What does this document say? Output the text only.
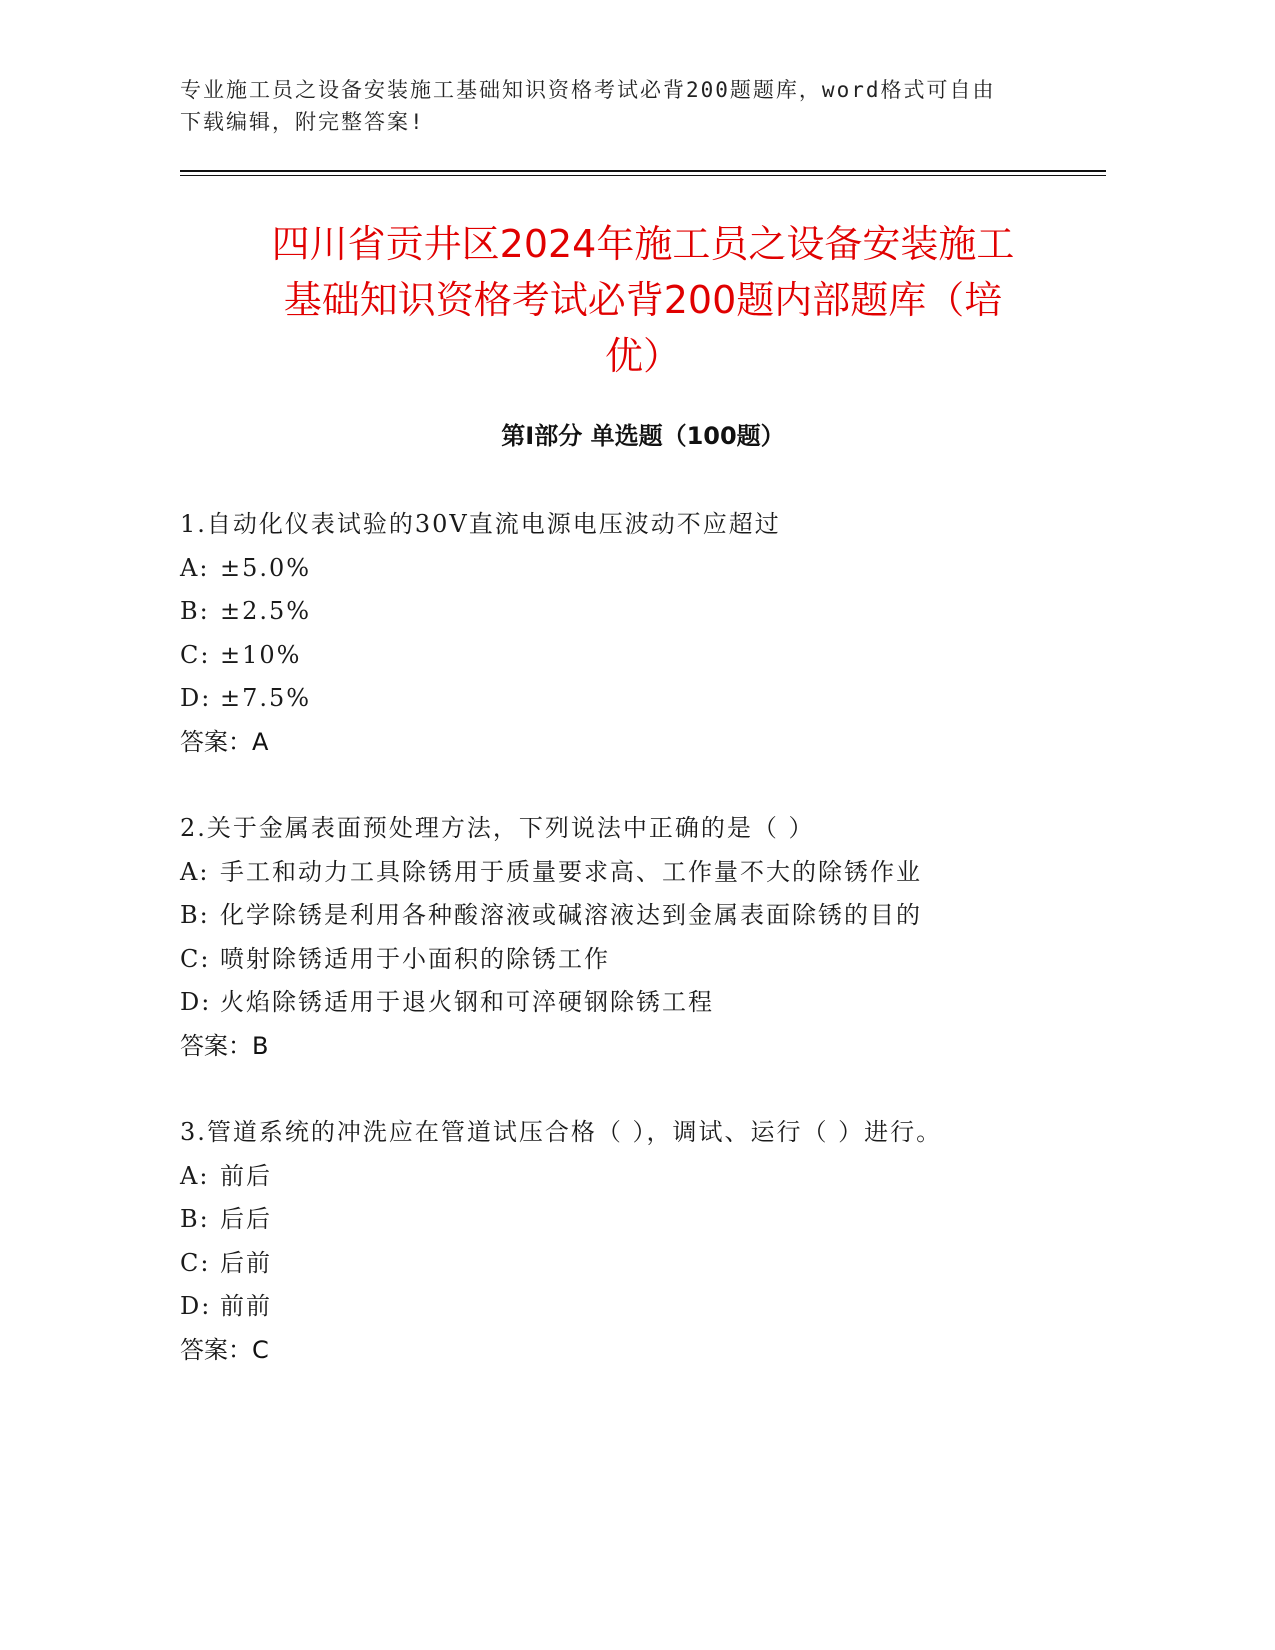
专业施工员之设备安装施工基础知识资格考试必背200题题库，word格式可自由
下载编辑，附完整答案!
四川省贡井区2024年施工员之设备安装施工
基础知识资格考试必背200题内部题库（培
优）
第Ⅰ部分 单选题（100题）
1.自动化仪表试验的30V直流电源电压波动不应超过
A: ±5.0%
B: ±2.5%
C: ±10%
D: ±7.5%
答案：A
2.关于金属表面预处理方法，下列说法中正确的是（ ）
A: 手工和动力工具除锈用于质量要求高、工作量不大的除锈作业
B: 化学除锈是利用各种酸溶液或碱溶液达到金属表面除锈的目的
C: 喷射除锈适用于小面积的除锈工作
D: 火焰除锈适用于退火钢和可淬硬钢除锈工程
答案：B
3.管道系统的冲洗应在管道试压合格（ ），调试、运行（ ）进行。
A: 前后
B: 后后
C: 后前
D: 前前
答案：C
